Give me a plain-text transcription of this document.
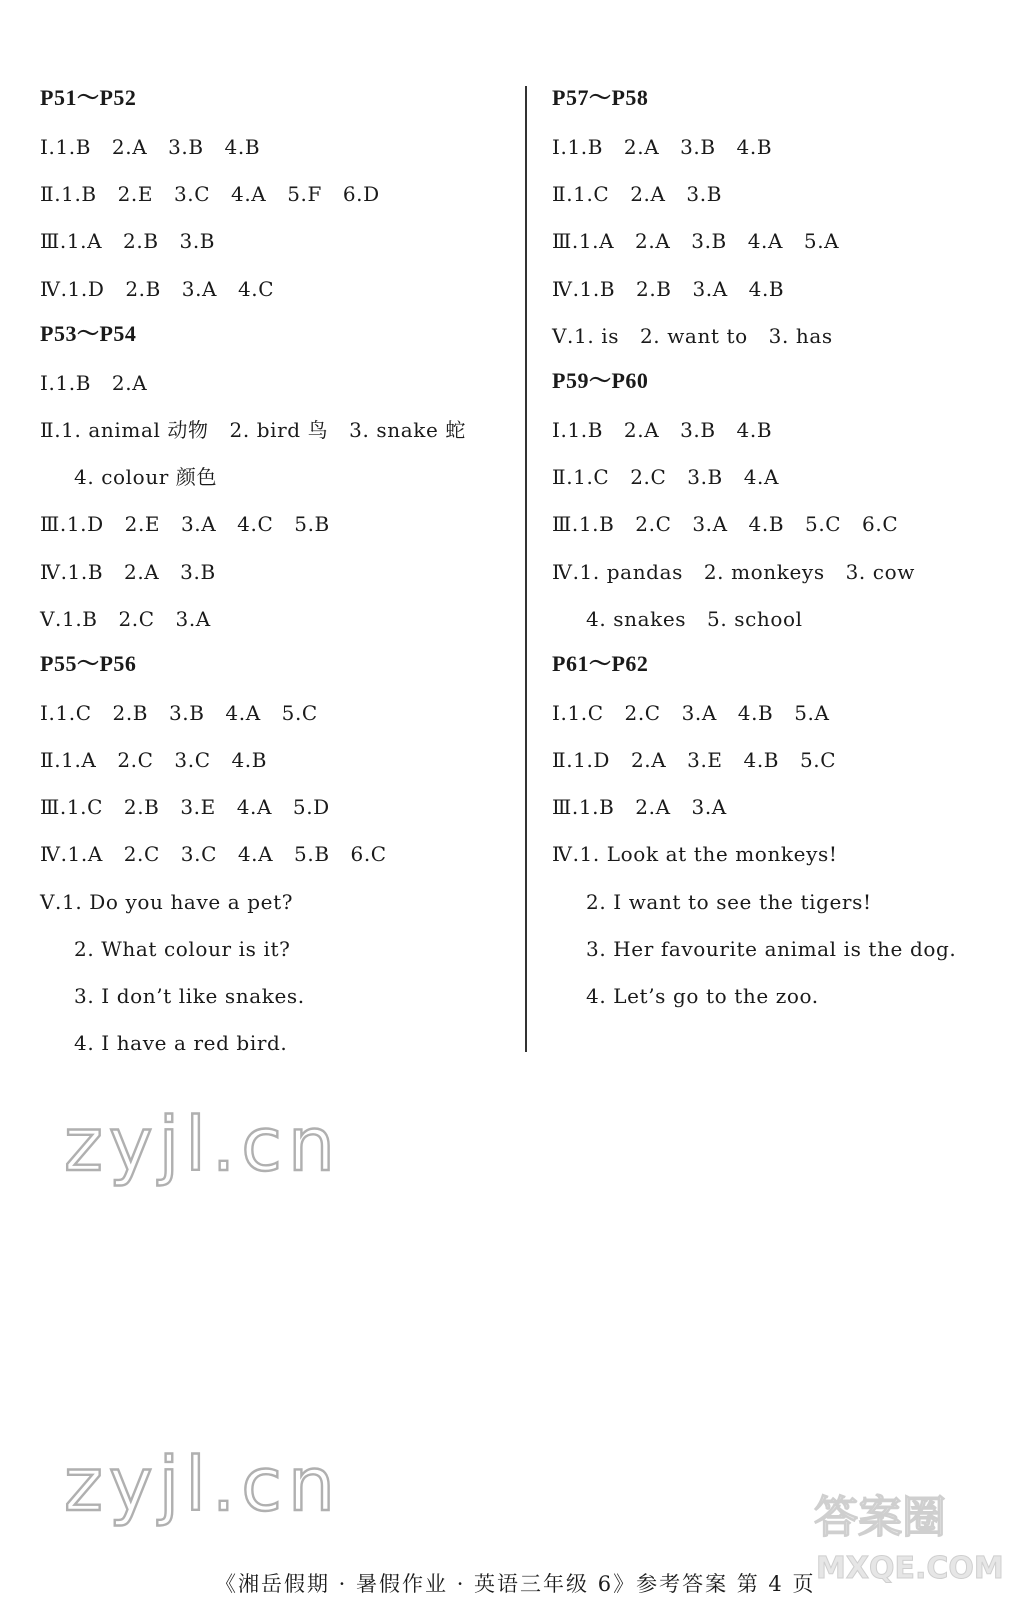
P51～P52
Ⅰ.1.B   2.A   3.B   4.B
Ⅱ.1.B   2.E   3.C   4.A   5.F   6.D
Ⅲ.1.A   2.B   3.B
Ⅳ.1.D   2.B   3.A   4.C
P53～P54
Ⅰ.1.B   2.A
Ⅱ.1. animal 动物   2. bird 鸟   3. snake 蛇
4. colour 颜色
Ⅲ.1.D   2.E   3.A   4.C   5.B
Ⅳ.1.B   2.A   3.B
Ⅴ.1.B   2.C   3.A
P55～P56
Ⅰ.1.C   2.B   3.B   4.A   5.C
Ⅱ.1.A   2.C   3.C   4.B
Ⅲ.1.C   2.B   3.E   4.A   5.D
Ⅳ.1.A   2.C   3.C   4.A   5.B   6.C
Ⅴ.1. Do you have a pet?
2. What colour is it?
3. I don’t like snakes.
4. I have a red bird.
P57～P58
Ⅰ.1.B   2.A   3.B   4.B
Ⅱ.1.C   2.A   3.B
Ⅲ.1.A   2.A   3.B   4.A   5.A
Ⅳ.1.B   2.B   3.A   4.B
Ⅴ.1. is   2. want to   3. has
P59～P60
Ⅰ.1.B   2.A   3.B   4.B
Ⅱ.1.C   2.C   3.B   4.A
Ⅲ.1.B   2.C   3.A   4.B   5.C   6.C
Ⅳ.1. pandas   2. monkeys   3. cow
4. snakes   5. school
P61～P62
Ⅰ.1.C   2.C   3.A   4.B   5.A
Ⅱ.1.D   2.A   3.E   4.B   5.C
Ⅲ.1.B   2.A   3.A
Ⅳ.1. Look at the monkeys!
2. I want to see the tigers!
3. Her favourite animal is the dog.
4. Let’s go to the zoo.
zyjl.cn
zyjl.cn	答案圈
MXQE.COM
《湘岳假期 · 暑假作业 · 英语三年级 6》参考答案 第 4 页
